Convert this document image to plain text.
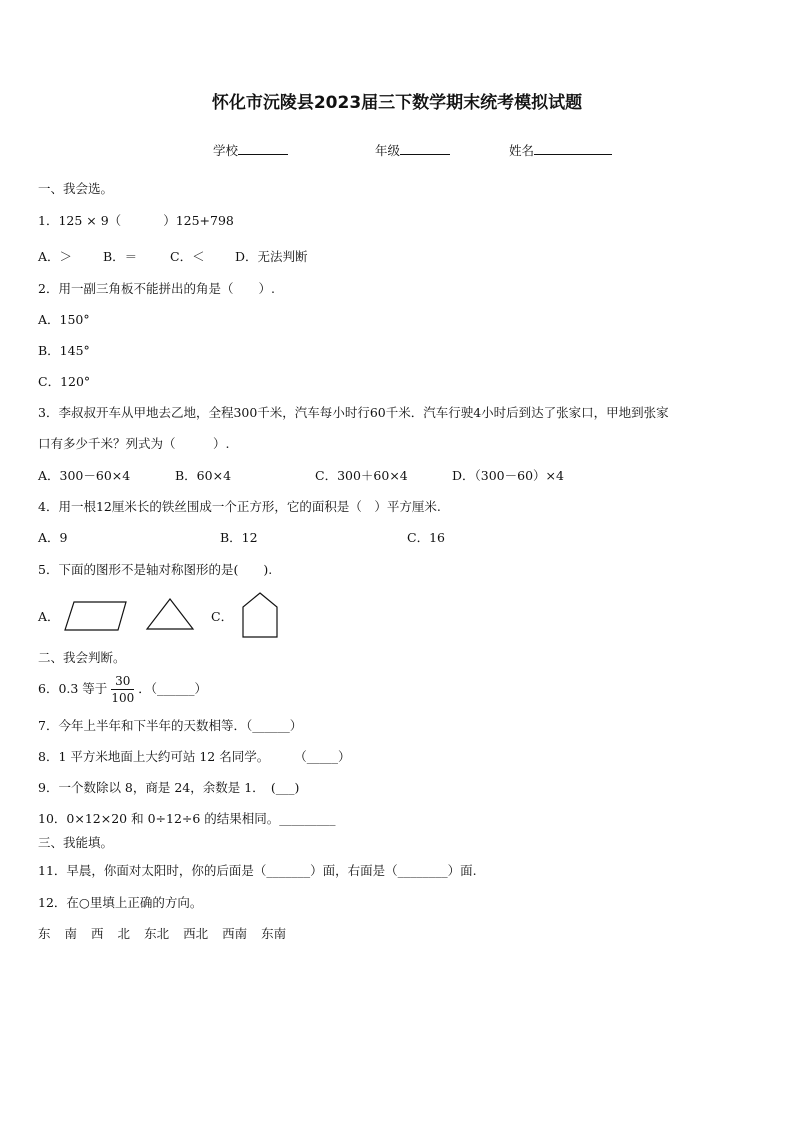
怀化市沅陵县2023届三下数学期末统考模拟试题
学校	年级	姓名
一、我会选。
1．125 × 9（	）125+798
A．＞ B．＝	C．＜ D．无法判断
2．用一副三角板不能拼出的角是（　　）.
A．150°
B．145°
C．120°
3．李叔叔开车从甲地去乙地，全程300千米，汽车每小时行60千米．汽车行驶4小时后到达了张家口，甲地到张家
口有多少千米？列式为（　　　）.
A．300－60×4	B．60×4	C．300＋60×4	D．（300－60）×4
4．用一根12厘米长的铁丝围成一个正方形，它的面积是（　）平方厘米.
A．9	B．12	C．16
5．下面的图形不是轴对称图形的是(　　).
A．	C．
二、我会判断。
6．0.3 等于 $\frac{30}{100}$ ．（______）
7．今年上半年和下半年的天数相等．（______）
8．1 平方米地面上大约可站 12 名同学。　　　（_____）
9．一个数除以 8，商是 24，余数是 1．　(___)
10．0×12×20 和 0÷12÷6 的结果相同。_________
三、我能填。
11．早晨，你面对太阳时，你的后面是（_______）面，右面是（________）面.
12．在○里填上正确的方向。
东 南 西 北 东北 西北 西南 东南
